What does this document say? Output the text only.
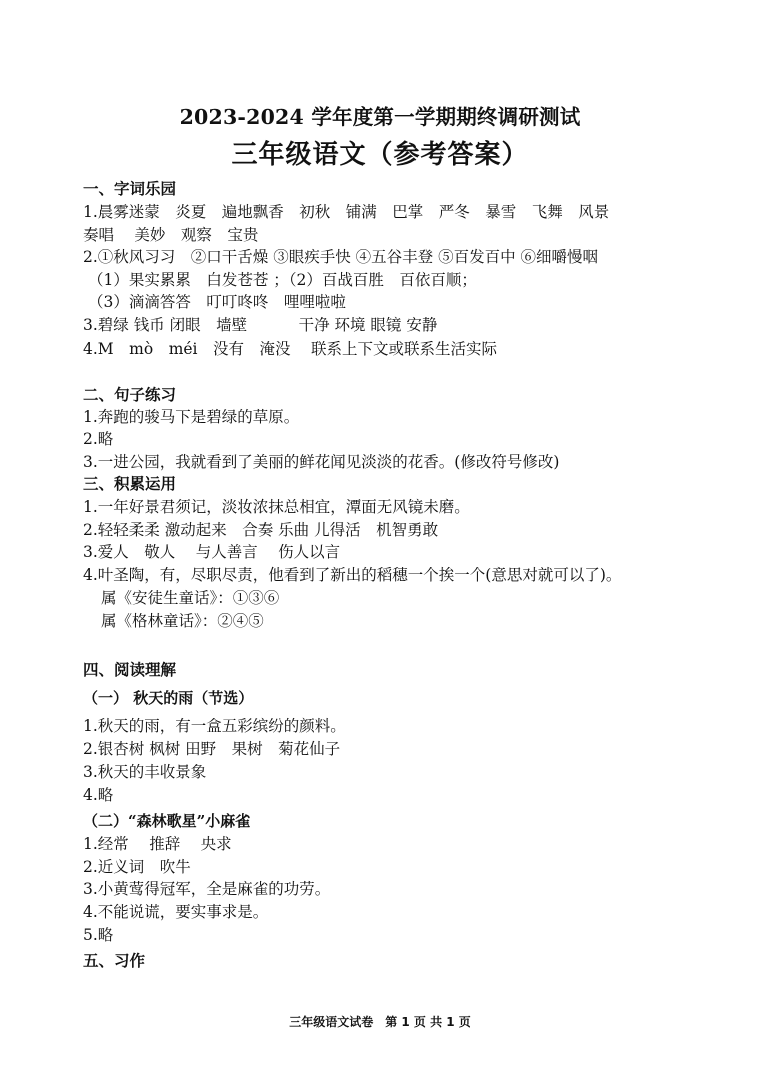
2023-2024 学年度第一学期期终调研测试
三年级语文（参考答案）
一、字词乐园
1.晨雾迷蒙　炎夏　遍地飘香　初秋　铺满　巴掌　严冬　暴雪　飞舞　风景
奏唱　 美妙　观察　宝贵
2.①秋风习习　②口干舌燥 ③眼疾手快 ④五谷丰登 ⑤百发百中 ⑥细嚼慢咽
（1）果实累累　白发苍苍 ；（2）百战百胜　百依百顺；
（3）滴滴答答　叮叮咚咚　哩哩啦啦
3.碧绿 钱币 闭眼　墙壁　　　 干净 环境 眼镜 安静
4.M　mò　méi　没有　淹没　 联系上下文或联系生活实际
二、句子练习
1.奔跑的骏马下是碧绿的草原。
2.略
3.一进公园，我就看到了美丽的鲜花闻见淡淡的花香。(修改符号修改)
三、积累运用
1.一年好景君须记，淡妆浓抹总相宜，潭面无风镜未磨。
2.轻轻柔柔 激动起来　合奏 乐曲 儿得活　机智勇敢
3.爱人　敬人　 与人善言　 伤人以言
4.叶圣陶，有，尽职尽责，他看到了新出的稻穗一个挨一个(意思对就可以了)。
属《安徒生童话》：①③⑥
属《格林童话》：②④⑤
四、阅读理解
（一） 秋天的雨（节选）
1.秋天的雨，有一盒五彩缤纷的颜料。
2.银杏树 枫树 田野　果树　菊花仙子
3.秋天的丰收景象
4.略
（二）“森林歌星”小麻雀
1.经常　 推辞　 央求
2.近义词　吹牛
3.小黄莺得冠军，全是麻雀的功劳。
4.不能说谎，要实事求是。
5.略
五、习作
三年级语文试卷　第 1 页 共 1 页
